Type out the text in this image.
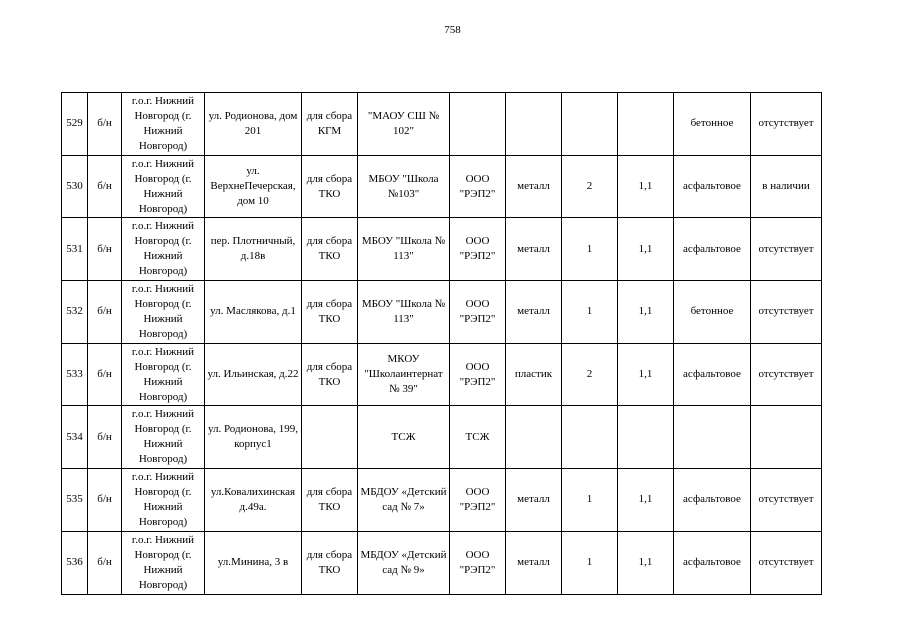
758
529	б/н	г.о.г. Нижний Новгород (г. Нижний Новгород)	ул. Родионова, дом 201	для сбора КГМ	"МАОУ СШ № 102"					бетонное	отсутствует
530	б/н	г.о.г. Нижний Новгород (г. Нижний Новгород)	ул. ВерхнеПечерская, дом 10	для сбора ТКО	МБОУ "Школа №103"	ООО "РЭП2"	металл	2	1,1	асфальтовое	в наличии
531	б/н	г.о.г. Нижний Новгород (г. Нижний Новгород)	пер. Плотничный, д.18в	для сбора ТКО	МБОУ "Школа № 113"	ООО "РЭП2"	металл	1	1,1	асфальтовое	отсутствует
532	б/н	г.о.г. Нижний Новгород (г. Нижний Новгород)	ул. Маслякова, д.1	для сбора ТКО	МБОУ "Школа № 113"	ООО "РЭП2"	металл	1	1,1	бетонное	отсутствует
533	б/н	г.о.г. Нижний Новгород (г. Нижний Новгород)	ул. Ильинская, д.22	для сбора ТКО	МКОУ "Школаинтернат № 39"	ООО "РЭП2"	пластик	2	1,1	асфальтовое	отсутствует
534	б/н	г.о.г. Нижний Новгород (г. Нижний Новгород)	ул. Родионова, 199, корпус1		ТСЖ	ТСЖ					
535	б/н	г.о.г. Нижний Новгород (г. Нижний Новгород)	ул.Ковалихинская д.49а.	для сбора ТКО	МБДОУ «Детский сад № 7»	ООО "РЭП2"	металл	1	1,1	асфальтовое	отсутствует
536	б/н	г.о.г. Нижний Новгород (г. Нижний Новгород)	ул.Минина, 3 в	для сбора ТКО	МБДОУ «Детский сад № 9»	ООО "РЭП2"	металл	1	1,1	асфальтовое	отсутствует
